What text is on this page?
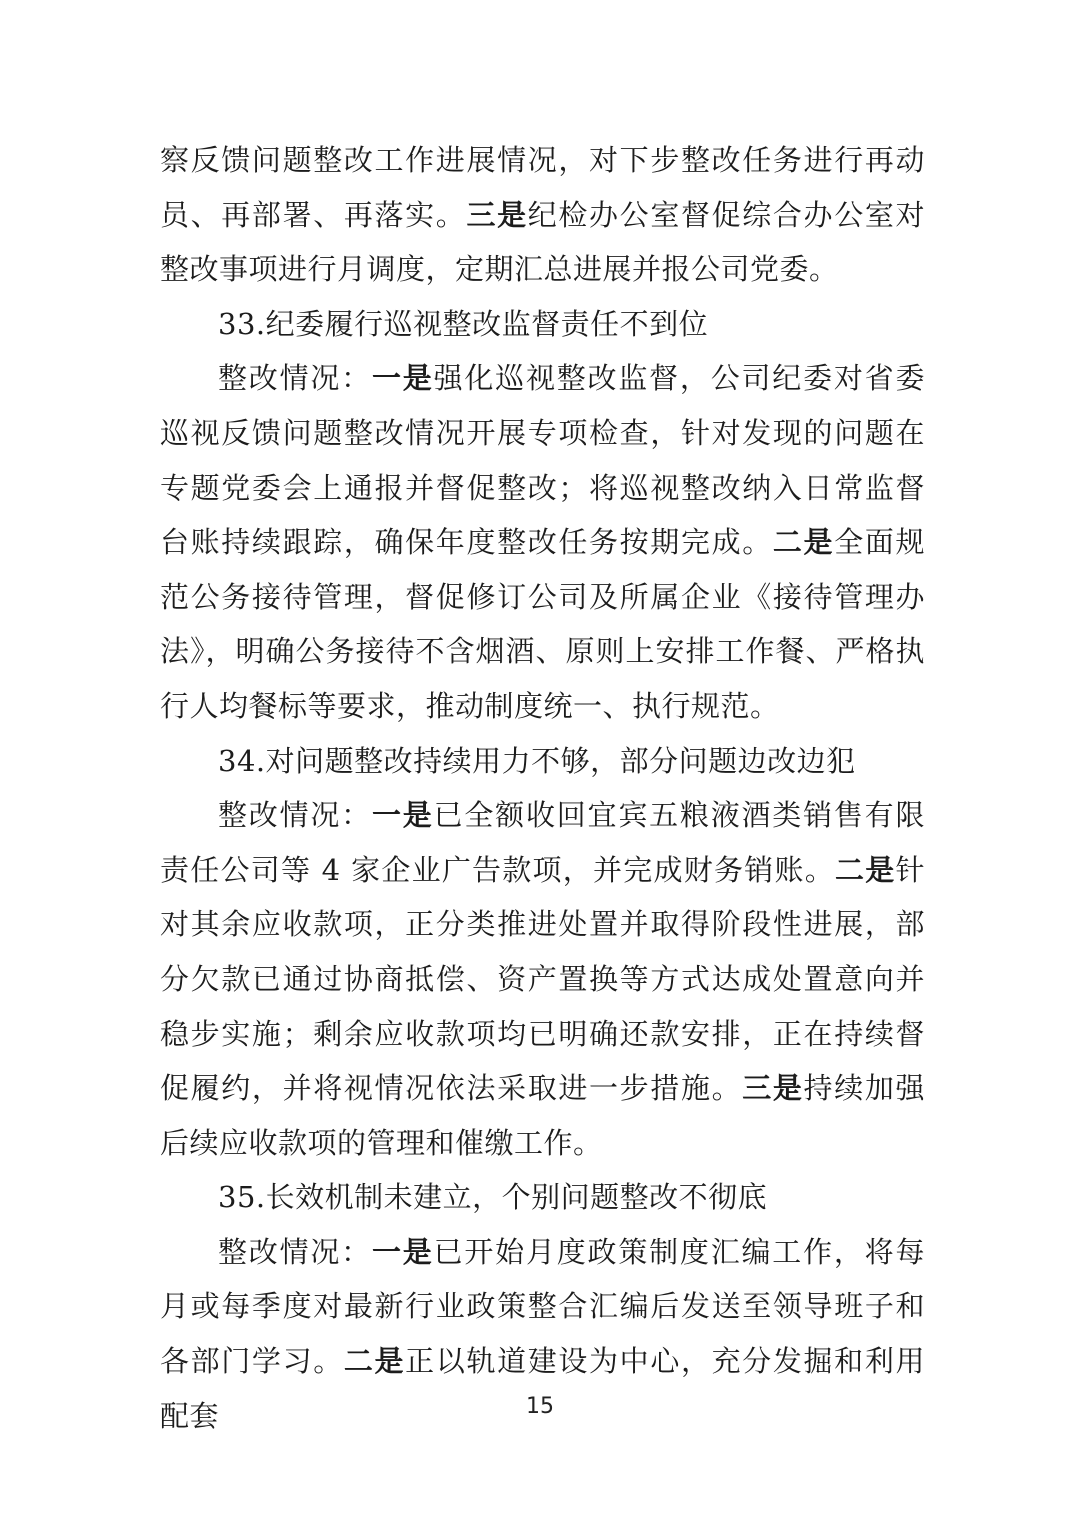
察反馈问题整改工作进展情况，对下步整改任务进行再动员、再部署、再落实。三是纪检办公室督促综合办公室对整改事项进行月调度，定期汇总进展并报公司党委。

33.纪委履行巡视整改监督责任不到位

整改情况：一是强化巡视整改监督，公司纪委对省委巡视反馈问题整改情况开展专项检查，针对发现的问题在专题党委会上通报并督促整改；将巡视整改纳入日常监督台账持续跟踪，确保年度整改任务按期完成。二是全面规范公务接待管理，督促修订公司及所属企业《接待管理办法》，明确公务接待不含烟酒、原则上安排工作餐、严格执行人均餐标等要求，推动制度统一、执行规范。

34.对问题整改持续用力不够，部分问题边改边犯

整改情况：一是已全额收回宜宾五粮液酒类销售有限责任公司等 4 家企业广告款项，并完成财务销账。二是针对其余应收款项，正分类推进处置并取得阶段性进展，部分欠款已通过协商抵偿、资产置换等方式达成处置意向并稳步实施；剩余应收款项均已明确还款安排，正在持续督促履约，并将视情况依法采取进一步措施。三是持续加强后续应收款项的管理和催缴工作。

35.长效机制未建立，个别问题整改不彻底

整改情况：一是已开始月度政策制度汇编工作，将每月或每季度对最新行业政策整合汇编后发送至领导班子和各部门学习。二是正以轨道建设为中心，充分发掘和利用配套	15
